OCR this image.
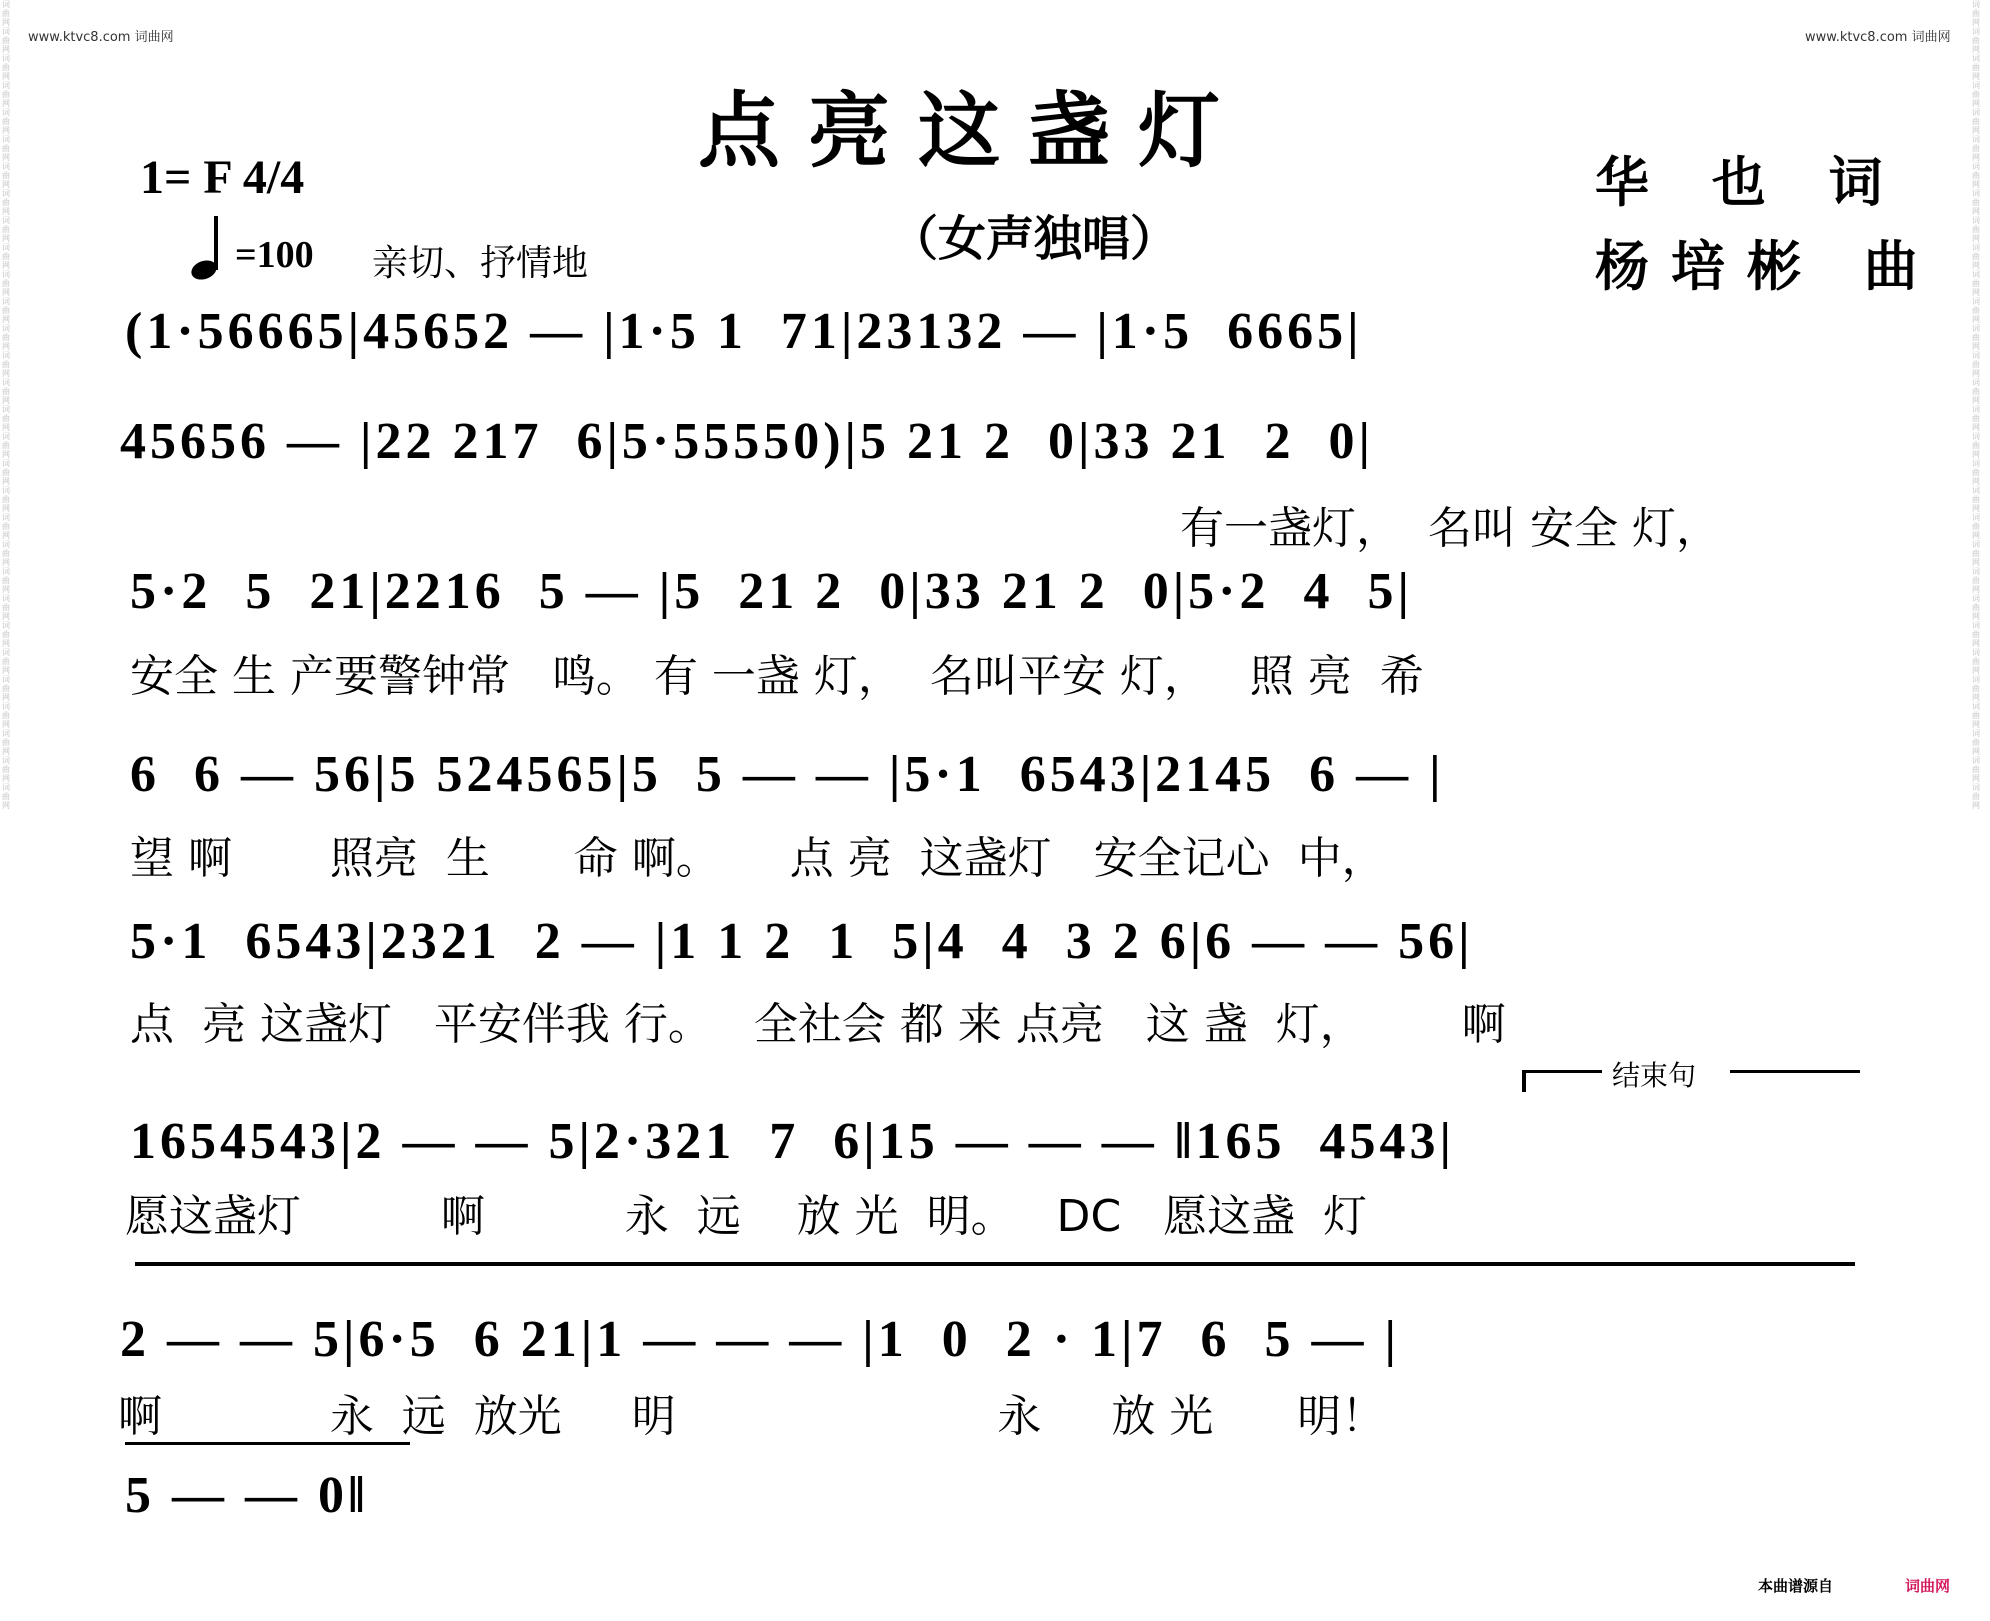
www.ktvc8.com 词曲网	www.ktvc8.com 词曲网
词曲网词曲网词曲网词曲网词曲网词曲网词曲网词曲网词曲网词曲网词曲网词曲网词曲网词曲网词曲网词曲网词曲网词曲网词曲网词曲网词曲网词曲网词曲网词曲网词曲网词曲网词曲网词曲网词曲网词曲网
词曲网词曲网词曲网词曲网词曲网词曲网词曲网词曲网词曲网词曲网词曲网词曲网词曲网词曲网词曲网词曲网词曲网词曲网词曲网词曲网词曲网词曲网词曲网词曲网词曲网词曲网词曲网词曲网词曲网词曲网
点亮这盏灯
（女声独唱）
华 也 词
杨培彬 曲
1= F 4/4
=100 亲切、抒情地
(1·56665|45652 — |1·5 1  71|23132 — |1·5  6665|
45656 — |22 217  6|5·55550)|5 21 2  0|33 21  2  0|
有一盏灯，  名叫 安全 灯，
5·2  5  21|2216  5 — |5  21 2  0|33 21 2  0|5·2  4  5|
安全 生 产要警钟常   鸣。 有 一盏 灯，  名叫平安 灯，   照 亮  希
6  6 — 56|5 524565|5  5 — — |5·1  6543|2145  6 — |
望 啊       照亮  生      命 啊。     点 亮  这盏灯   安全记心  中，
5·1  6543|2321  2 — |1 1 2  1  5|4  4  3 2 6|6 — — 56|
点  亮 这盏灯   平安伴我 行。   全社会 都 来 点亮   这 盏  灯，       啊
结束句
1654543|2 — — 5|2·321  7  6|15 — — — ‖165  4543|
愿这盏灯          啊          永  远    放 光  明。   DC   愿这盏  灯
2 — — 5|6·5  6 21|1 — — — |1  0  2 · 1|7  6  5 — |
啊            永  远  放光     明                       永     放 光      明！
5 — — 0‖
本曲谱源自	词曲网
